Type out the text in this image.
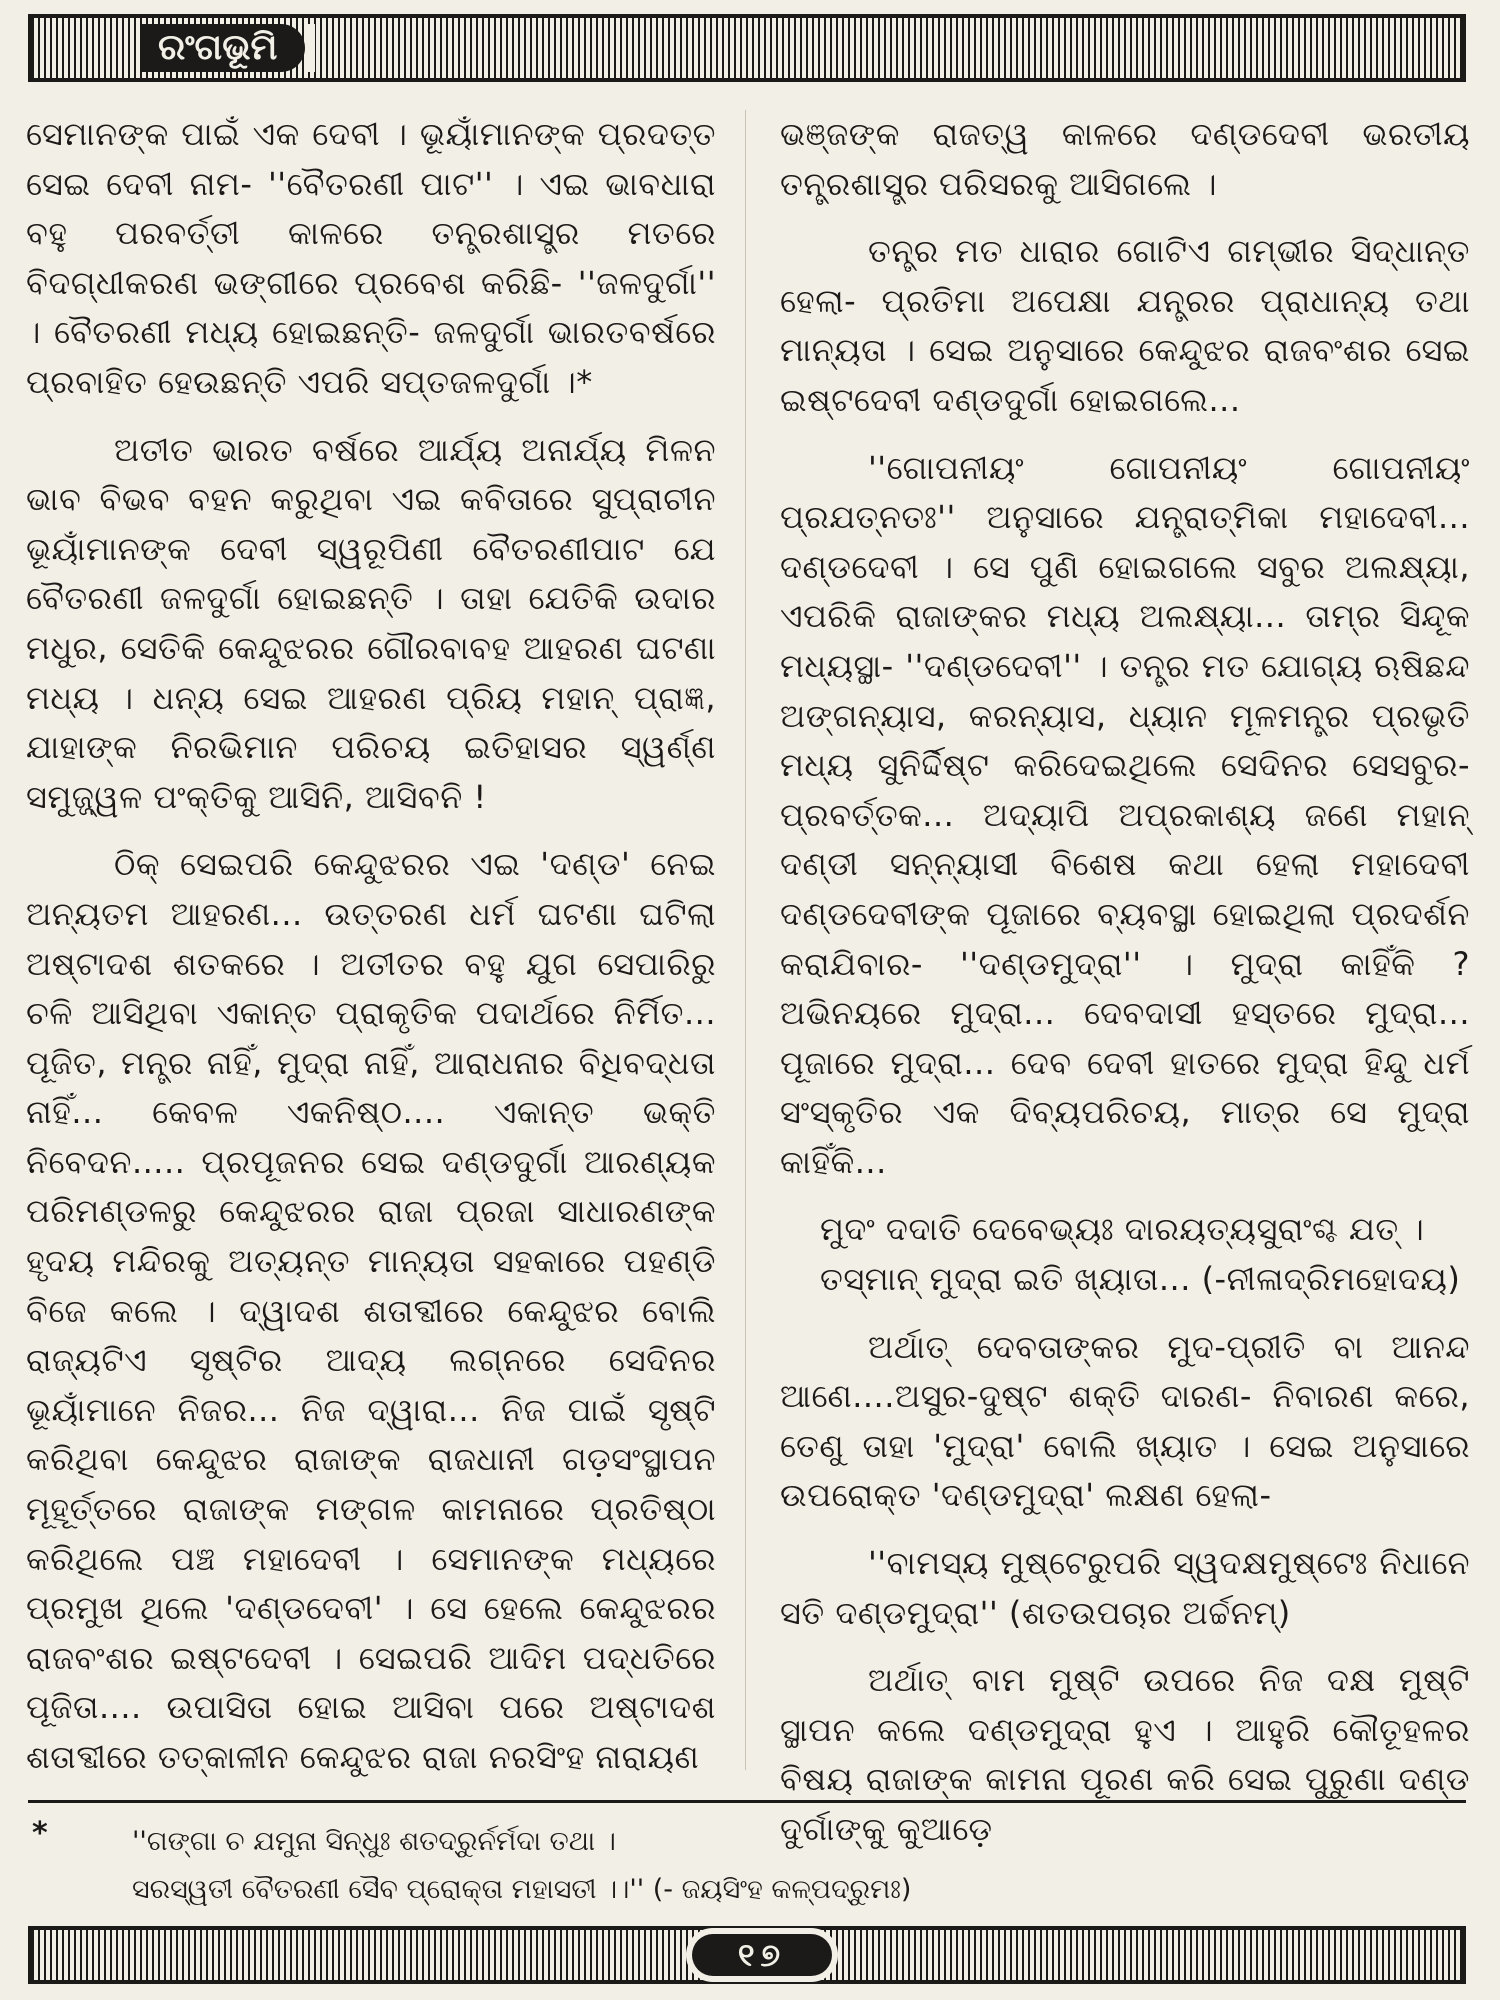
ରଂଗଭୂମି

ସେମାନଙ୍କ ପାଇଁ ଏକ ଦେବୀ । ଭୂୟାଁମାନଙ୍କ ପ୍ରଦତ୍ତ ସେଇ ଦେବୀ ନାମ- ''ବୈତରଣୀ ପାଟ'' । ଏଇ ଭାବଧାରା ବହୁ ପରବର୍ତ୍ତୀ କାଳରେ ତନ୍ତ୍ରଶାସ୍ତ୍ର ମତରେ ବିଦଗ୍ଧୀକରଣ ଭଙ୍ଗୀରେ ପ୍ରବେଶ କରିଛି- ''ଜଳଦୁର୍ଗା'' । ବୈତରଣୀ ମଧ୍ୟ ହୋଇଛନ୍ତି- ଜଳଦୁର୍ଗା ଭାରତବର୍ଷରେ ପ୍ରବାହିତ ହେଉଛନ୍ତି ଏପରି ସପ୍ତଜଳଦୁର୍ଗା ।*

ଅତୀତ ଭାରତ ବର୍ଷରେ ଆର୍ଯ୍ୟ ଅନାର୍ଯ୍ୟ ମିଳନ ଭାବ ବିଭବ ବହନ କରୁଥିବା ଏଇ କବିତାରେ ସୁପ୍ରାଚୀନ ଭୂୟାଁମାନଙ୍କ ଦେବୀ ସ୍ୱରୂପିଣୀ ବୈତରଣୀପାଟ ଯେ ବୈତରଣୀ ଜଳଦୁର୍ଗା ହୋଇଛନ୍ତି । ତାହା ଯେତିକି ଉଦାର ମଧୁର, ସେତିକି କେନ୍ଦୁଝରର ଗୌରବାବହ ଆହରଣ ଘଟଣା ମଧ୍ୟ । ଧନ୍ୟ ସେଇ ଆହରଣ ପ୍ରିୟ ମହାନ୍ ପ୍ରାଜ୍ଞ, ଯାହାଙ୍କ ନିରଭିମାନ ପରିଚୟ ଇତିହାସର ସ୍ୱର୍ଣ୍ଣ ସମୁଜ୍ଜ୍ୱଳ ପଂକ୍ତିକୁ ଆସିନି, ଆସିବନି !

ଠିକ୍ ସେଇପରି କେନ୍ଦୁଝରର ଏଇ 'ଦଣ୍ଡ' ନେଇ ଅନ୍ୟତମ ଆହରଣ... ଉତ୍ତରଣ ଧର୍ମ ଘଟଣା ଘଟିଲା ଅଷ୍ଟାଦଶ ଶତକରେ । ଅତୀତର ବହୁ ଯୁଗ ସେପାରିରୁ ଚଳି ଆସିଥିବା ଏକାନ୍ତ ପ୍ରାକୃତିକ ପଦାର୍ଥରେ ନିର୍ମିତ... ପୂଜିତ, ମନ୍ତ୍ର ନାହିଁ, ମୁଦ୍ରା ନାହିଁ, ଆରାଧନାର ବିଧିବଦ୍ଧତା ନାହିଁ... କେବଳ ଏକନିଷ୍ଠ.... ଏକାନ୍ତ ଭକ୍ତି ନିବେଦନ..... ପ୍ରପୂଜନର ସେଇ ଦଣ୍ଡଦୁର୍ଗା ଆରଣ୍ୟକ ପରିମଣ୍ଡଳରୁ କେନ୍ଦୁଝରର ରାଜା ପ୍ରଜା ସାଧାରଣଙ୍କ ହୃଦୟ ମନ୍ଦିରକୁ ଅତ୍ୟନ୍ତ ମାନ୍ୟତା ସହକାରେ ପହଣ୍ଡି ବିଜେ କଲେ । ଦ୍ୱାଦଶ ଶତାବ୍ଦୀରେ କେନ୍ଦୁଝର ବୋଲି ରାଜ୍ୟଟିଏ ସୃଷ୍ଟିର ଆଦ୍ୟ ଲଗ୍ନରେ ସେଦିନର ଭୂୟାଁମାନେ ନିଜର... ନିଜ ଦ୍ୱାରା... ନିଜ ପାଇଁ ସୃଷ୍ଟି କରିଥିବା କେନ୍ଦୁଝର ରାଜାଙ୍କ ରାଜଧାନୀ ଗଡ଼ସଂସ୍ଥାପନ ମୂହୂର୍ତ୍ତରେ ରାଜାଙ୍କ ମଙ୍ଗଳ କାମନାରେ ପ୍ରତିଷ୍ଠା କରିଥିଲେ ପଞ୍ଚ ମହାଦେବୀ । ସେମାନଙ୍କ ମଧ୍ୟରେ ପ୍ରମୁଖ ଥିଲେ 'ଦଣ୍ଡଦେବୀ' । ସେ ହେଲେ କେନ୍ଦୁଝରର ରାଜବଂଶର ଇଷ୍ଟଦେବୀ । ସେଇପରି ଆଦିମ ପଦ୍ଧତିରେ ପୂଜିତା.... ଉପାସିତା ହୋଇ ଆସିବା ପରେ ଅଷ୍ଟାଦଶ ଶତାବ୍ଦୀରେ ତତ୍‌କାଳୀନ କେନ୍ଦୁଝର ରାଜା ନରସିଂହ ନାରାୟଣ

ଭଞ୍ଜଙ୍କ ରାଜତ୍ୱ କାଳରେ ଦଣ୍ଡଦେବୀ ଭରତୀୟ ତନ୍ତ୍ରଶାସ୍ତ୍ର ପରିସରକୁ ଆସିଗଲେ ।

ତନ୍ତ୍ର ମତ ଧାରାର ଗୋଟିଏ ଗମ୍ଭୀର ସିଦ୍ଧାନ୍ତ ହେଲା- ପ୍ରତିମା ଅପେକ୍ଷା ଯନ୍ତ୍ରର ପ୍ରାଧାନ୍ୟ ତଥା ମାନ୍ୟତା । ସେଇ ଅନୁସାରେ କେନ୍ଦୁଝର ରାଜବଂଶର ସେଇ ଇଷ୍ଟଦେବୀ ଦଣ୍ଡଦୁର୍ଗା ହୋଇଗଲେ...

''ଗୋପନୀୟଂ ଗୋପନୀୟଂ ଗୋପନୀୟଂ ପ୍ରଯତ୍ନତଃ'' ଅନୁସାରେ ଯନ୍ତ୍ରାତ୍ମିକା ମହାଦେବୀ... ଦଣ୍ଡଦେବୀ । ସେ ପୁଣି ହୋଇଗଲେ ସବୁର ଅଲକ୍ଷ୍ୟା, ଏପରିକି ରାଜାଙ୍କର ମଧ୍ୟ ଅଲକ୍ଷ୍ୟା... ତାମ୍ର ସିନ୍ଦୂକ ମଧ୍ୟସ୍ଥା- ''ଦଣ୍ଡଦେବୀ'' । ତନ୍ତ୍ର ମତ ଯୋଗ୍ୟ ଋଷିଛନ୍ଦ ଅଙ୍ଗନ୍ୟାସ, କରନ୍ୟାସ, ଧ୍ୟାନ ମୂଳମନ୍ତ୍ର ପ୍ରଭୃତି ମଧ୍ୟ ସୁନିର୍ଦ୍ଦିଷ୍ଟ କରିଦେଇଥିଲେ ସେଦିନର ସେସବୁର- ପ୍ରବର୍ତ୍ତକ... ଅଦ୍ୟାପି ଅପ୍ରକାଶ୍ୟ ଜଣେ ମହାନ୍ ଦଣ୍ଡୀ ସନ୍ନ୍ୟାସୀ ବିଶେଷ କଥା ହେଲା ମହାଦେବୀ ଦଣ୍ଡଦେବୀଙ୍କ ପୂଜାରେ ବ୍ୟବସ୍ଥା ହୋଇଥିଲା ପ୍ରଦର୍ଶନ କରାଯିବାର- ''ଦଣ୍ଡମୁଦ୍ରା'' । ମୁଦ୍ରା କାହିଁକି ? ଅଭିନୟରେ ମୁଦ୍ରା... ଦେବଦାସୀ ହସ୍ତରେ ମୁଦ୍ରା... ପୂଜାରେ ମୁଦ୍ରା... ଦେବ ଦେବୀ ହାତରେ ମୁଦ୍ରା ହିନ୍ଦୁ ଧର୍ମ ସଂସ୍କୃତିର ଏକ ଦିବ୍ୟପରିଚୟ, ମାତ୍ର ସେ ମୁଦ୍ରା କାହିଁକି...

ମୁଦଂ ଦଦାତି ଦେବେଭ୍ୟଃ ଦାରୟତ୍ୟସୁରାଂଶ୍ଚ ଯତ୍ ।

ତସ୍ମାନ୍ ମୁଦ୍ରା ଇତି ଖ୍ୟାତା... (-ନୀଳାଦ୍ରିମହୋଦୟ)

ଅର୍ଥାତ୍ ଦେବତାଙ୍କର ମୁଦ-ପ୍ରୀତି ବା ଆନନ୍ଦ ଆଣେ....ଅସୁର-ଦୁଷ୍ଟ ଶକ୍ତି ଦାରଣ- ନିବାରଣ କରେ, ତେଣୁ ତାହା 'ମୁଦ୍ରା' ବୋଲି ଖ୍ୟାତ । ସେଇ ଅନୁସାରେ ଉପରୋକ୍ତ 'ଦଣ୍ଡମୁଦ୍ରା' ଲକ୍ଷଣ ହେଲା-

''ବାମସ୍ୟ ମୁଷ୍ଟେରୁପରି ସ୍ୱଦକ୍ଷମୁଷ୍ଟେଃ ନିଧାନେ ସତି ଦଣ୍ଡମୁଦ୍ରା'' (ଶତଉପଚାର ଅର୍ଚ୍ଚନମ୍)

ଅର୍ଥାତ୍ ବାମ ମୁଷ୍ଟି ଉପରେ ନିଜ ଦକ୍ଷ ମୁଷ୍ଟି ସ୍ଥାପନ କଲେ ଦଣ୍ଡମୁଦ୍ରା ହୁଏ । ଆହୁରି କୌତୂହଳର ବିଷୟ ରାଜାଙ୍କ କାମନା ପୂରଣ କରି ସେଇ ପୁରୁଣା ଦଣ୍ଡ ଦୁର୍ଗାଙ୍କୁ କୁଆଡ଼େ

*	''ଗଙ୍ଗା ଚ ଯମୁନା ସିନ୍ଧୁଃ ଶତଦ୍ରୁର୍ନର୍ମଦା ତଥା ।
ସରସ୍ୱତୀ ବୈତରଣୀ ସୈବ ପ୍ରୋକ୍ତା ମହାସତୀ ।।'' (- ଜୟସିଂହ କଳ୍ପଦ୍ରୁମଃ)
୧୭
